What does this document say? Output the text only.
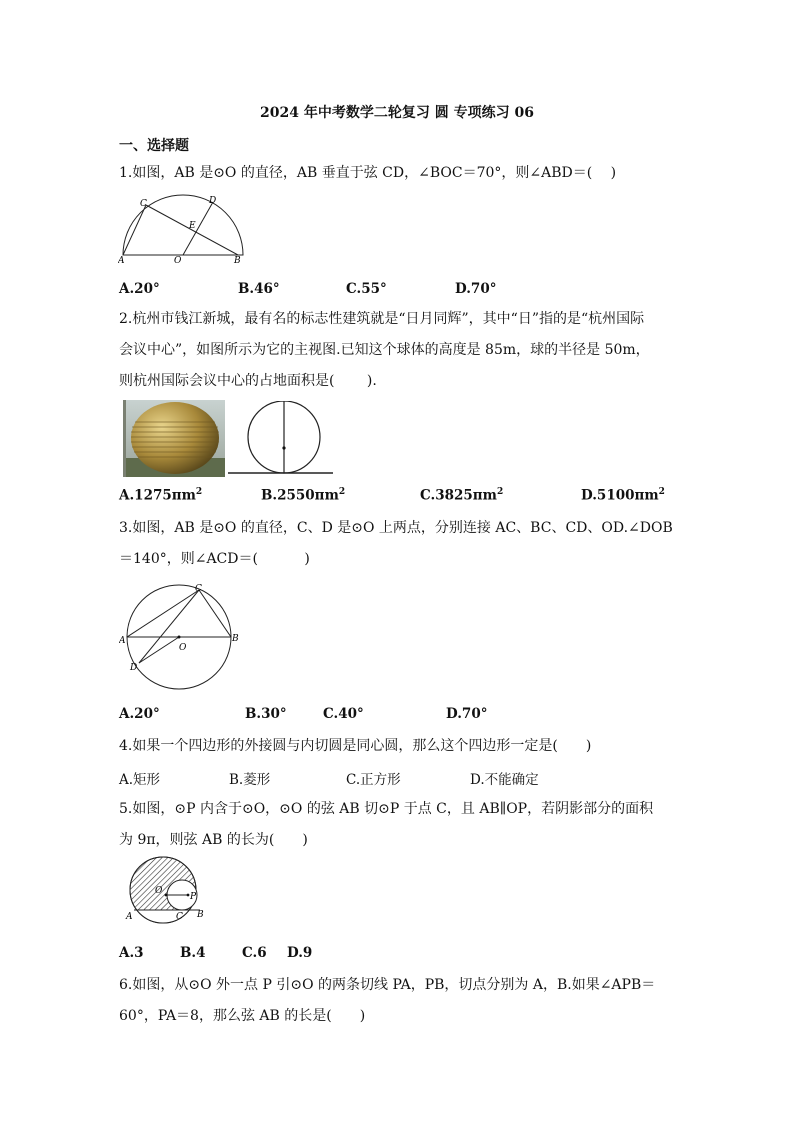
2024 年中考数学二轮复习 圆 专项练习 06
一、选择题
1.如图，AB 是⊙O 的直径，AB 垂直于弦 CD，∠BOC＝70°，则∠ABD＝(　 )
C	D
E
A	O	B
A.20°	B.46°	C.55°	D.70°
2.杭州市钱江新城，最有名的标志性建筑就是“日月同辉”，其中“日”指的是“杭州国际
会议中心”，如图所示为它的主视图.已知这个球体的高度是 85m，球的半径是 50m，
则杭州国际会议中心的占地面积是(　　 ).
$A.1275\pi m^2$	$B.2550\pi m^2$	$C.3825\pi m^2$	$D.5100\pi m^2$
3.如图，AB 是⊙O 的直径，C、D 是⊙O 上两点，分别连接 AC、BC、CD、OD.∠DOB
＝140°，则∠ACD＝(　　　 )
C
A
O
B
D
A.20°	B.30°	C.40°	D.70°
4.如果一个四边形的外接圆与内切圆是同心圆，那么这个四边形一定是(　　)
A.矩形	B.菱形	C.正方形	D.不能确定
5.如图，⊙P 内含于⊙O，⊙O 的弦 AB 切⊙P 于点 C，且 AB∥OP，若阴影部分的面积
为 9π，则弦 AB 的长为(　　)
O
P
A	C B
A.3	B.4	C.6 D.9
6.如图，从⊙O 外一点 P 引⊙O 的两条切线 PA，PB，切点分别为 A，B.如果∠APB＝
60°，PA＝8，那么弦 AB 的长是(　　)
